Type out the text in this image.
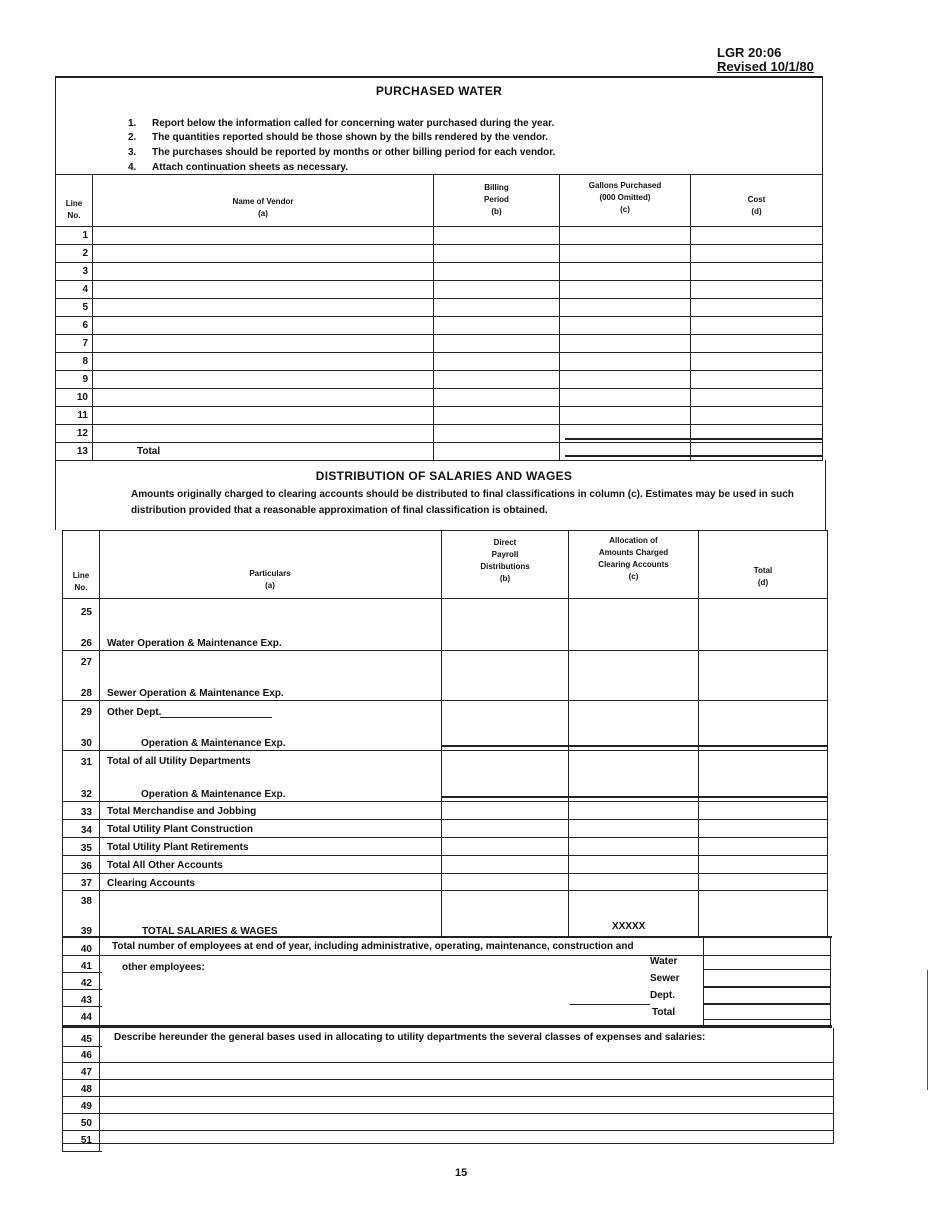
LGR 20:06
Revised 10/1/80
PURCHASED WATER
1. Report below the information called for concerning water purchased during the year.
2. The quantities reported should be those shown by the bills rendered by the vendor.
3. The purchases should be reported by months or other billing period for each vendor.
4. Attach continuation sheets as necessary.
Line
No.
Name of Vendor
(a)
Billing
Period
(b)
Gallons Purchased
(000 Omitted)
(c)
Cost
(d)
1
2
3
4
5
6
7
8
9
10
11
12
13	Total
DISTRIBUTION OF SALARIES AND WAGES
Amounts originally charged to clearing accounts should be distributed to final classifications in column (c). Estimates may be used in such
distribution provided that a reasonable approximation of final classification is obtained.
Line
No.
Particulars
(a)
Direct
Payroll
Distributions
(b)
Allocation of
Amounts Charged
Clearing Accounts
(c)
Total
(d)
25
26
27
28
29
30
31
32
33
34
35
36
37
38
39
Water Operation & Maintenance Exp.
Sewer Operation & Maintenance Exp.
Other Dept.
Operation & Maintenance Exp.
Total of all Utility Departments
Operation & Maintenance Exp.
Total Merchandise and Jobbing
Total Utility Plant Construction
Total Utility Plant Retirements
Total All Other Accounts
Clearing Accounts
TOTAL SALARIES & WAGES	XXXXX
40
41
42
43
44
Total number of employees at end of year, including administrative, operating, maintenance, construction and
other employees:
Water
Sewer
Dept.
Total
45 Describe hereunder the general bases used in allocating to utility departments the several classes of expenses and salaries:
46
47
48
49
50
51
15
